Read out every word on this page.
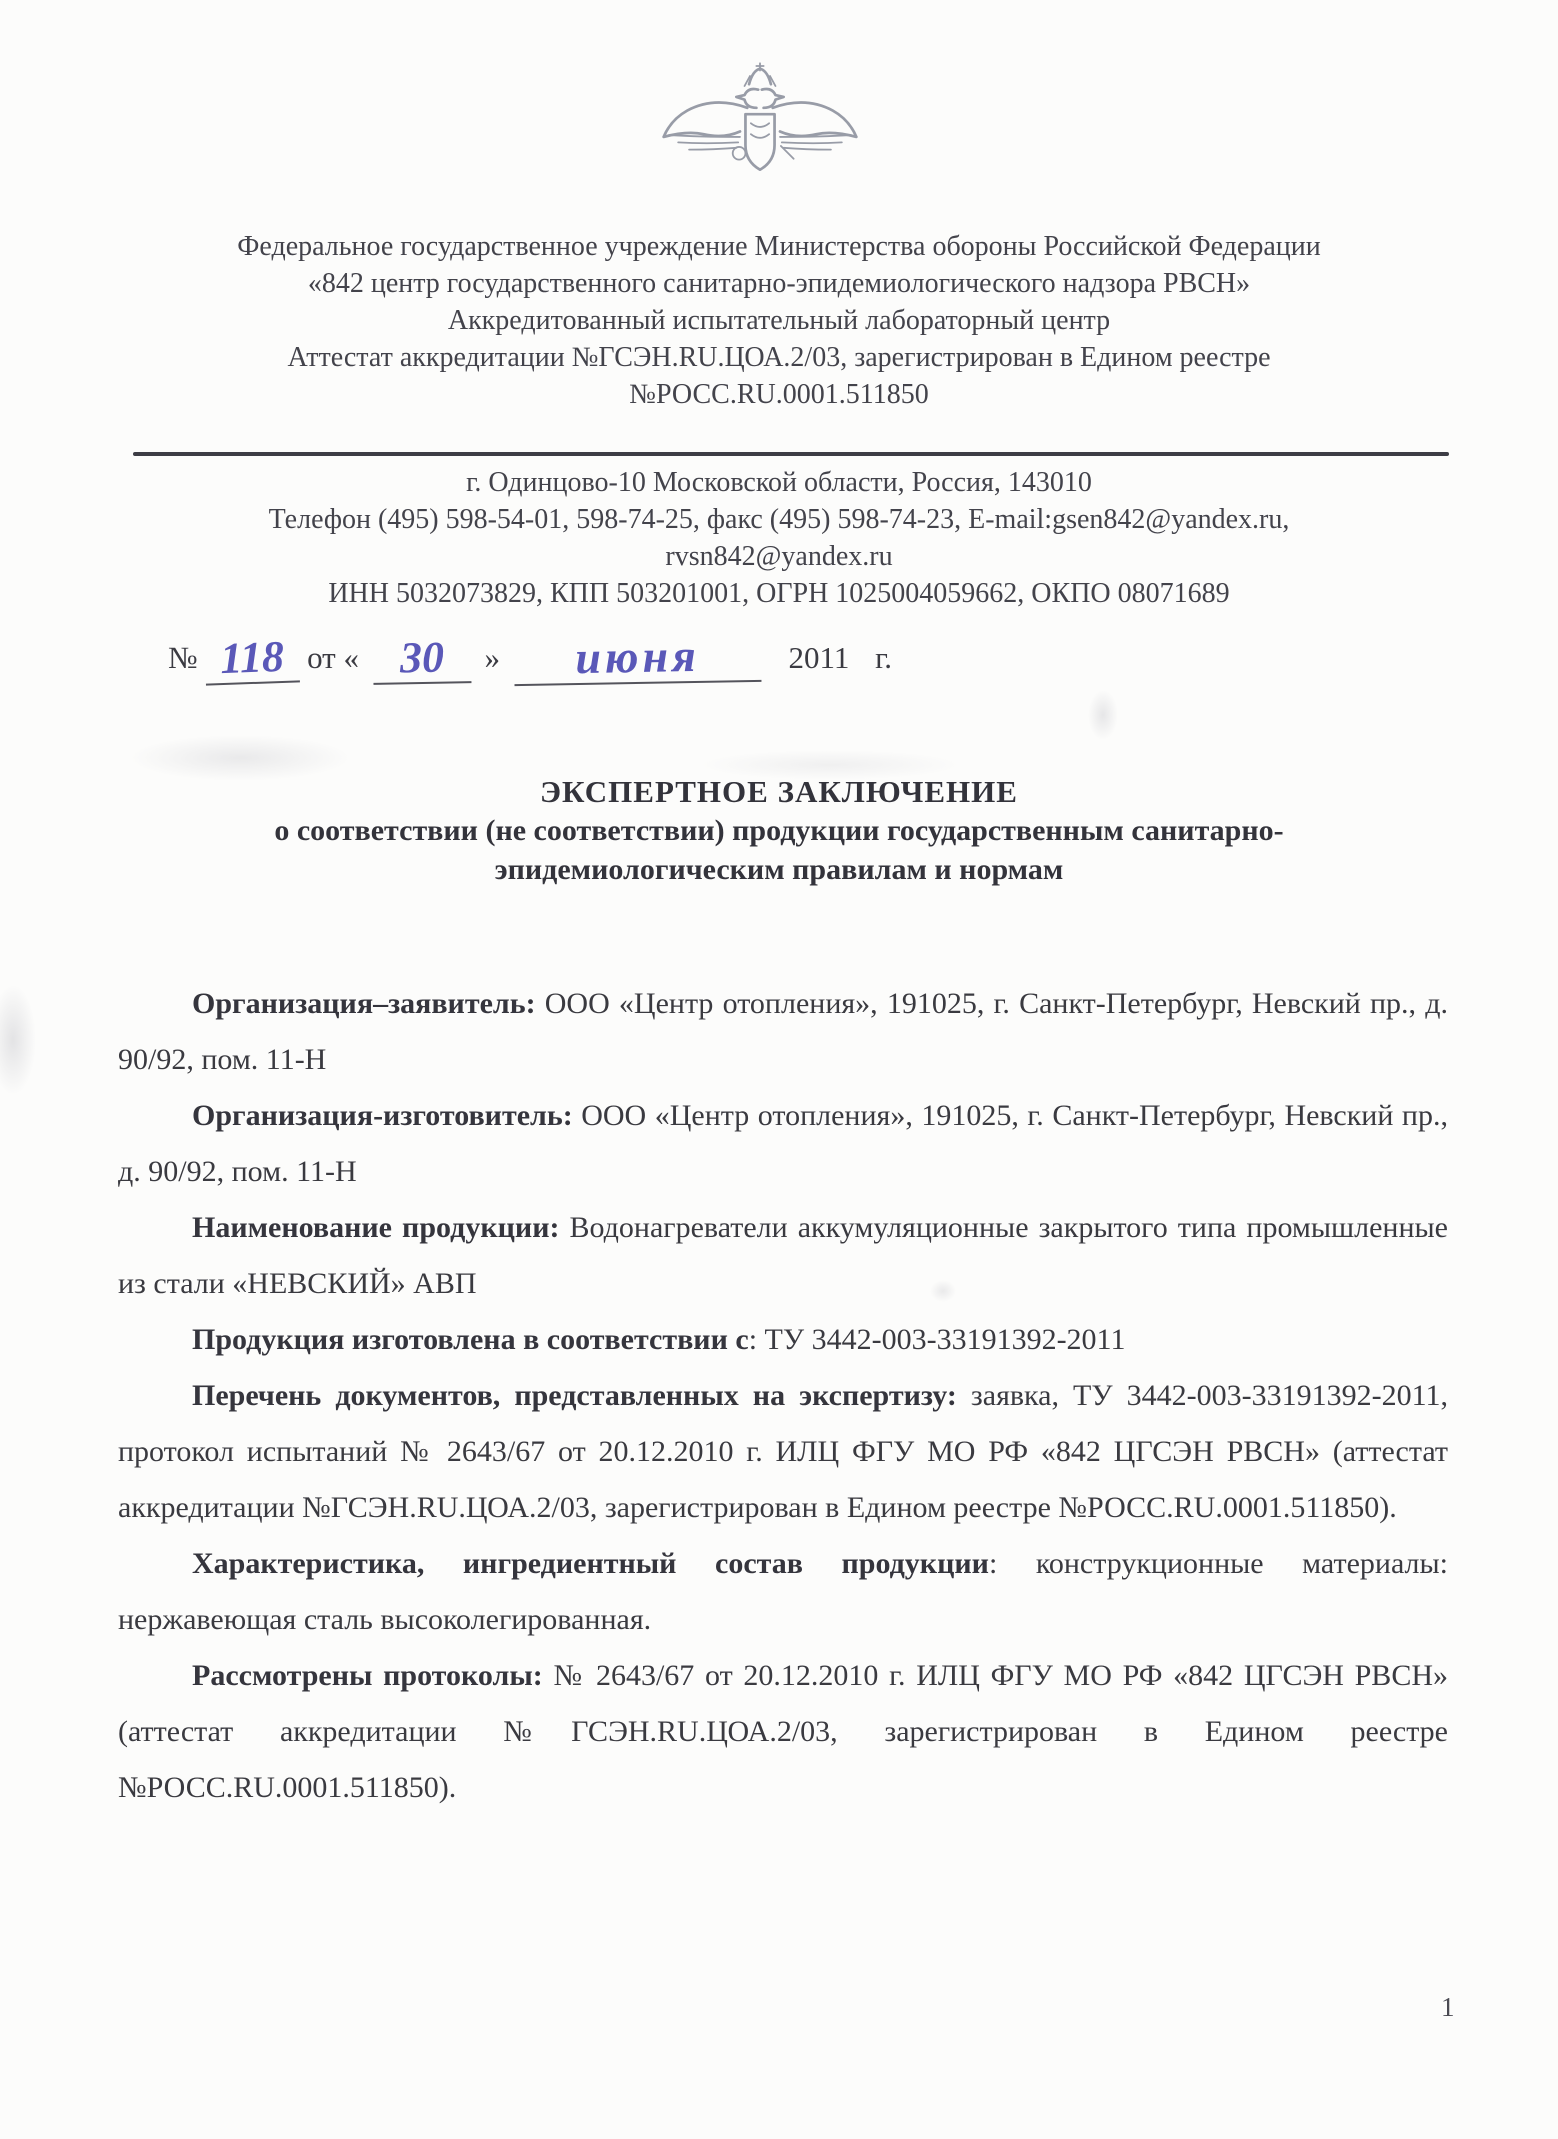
Федеральное государственное учреждение Министерства обороны Российской Федерации
«842 центр государственного санитарно-эпидемиологического надзора РВСН»
Аккредитованный испытательный лабораторный центр
Аттестат аккредитации №ГСЭН.RU.ЦОА.2/03, зарегистрирован в Едином реестре
№РОСС.RU.0001.511850
г. Одинцово-10 Московской области, Россия, 143010
Телефон (495) 598-54-01, 598-74-25, факс (495) 598-74-23, E-mail:gsen842@yandex.ru,
rvsn842@yandex.ru
ИНН 5032073829, КПП 503201001, ОГРН 1025004059662, ОКПО 08071689
№ 118 от « 30 » июня	2011 г.
ЭКСПЕРТНОЕ ЗАКЛЮЧЕНИЕ
о соответствии (не соответствии) продукции государственным санитарно-
эпидемиологическим правилам и нормам

Организация–заявитель: ООО «Центр отопления», 191025, г. Санкт-Петербург, Невский пр., д. 90/92, пом. 11-Н

Организация-изготовитель: ООО «Центр отопления», 191025, г. Санкт-Петербург, Невский пр., д. 90/92, пом. 11-Н

Наименование продукции: Водонагреватели аккумуляционные закрытого типа промышленные из стали «НЕВСКИЙ» АВП

Продукция изготовлена в соответствии с: ТУ 3442-003-33191392-2011

Перечень документов, представленных на экспертизу: заявка, ТУ 3442-003-33191392-2011, протокол испытаний № 2643/67 от 20.12.2010 г. ИЛЦ ФГУ МО РФ «842 ЦГСЭН РВСН» (аттестат аккредитации №ГСЭН.RU.ЦОА.2/03, зарегистрирован в Едином реестре №РОСС.RU.0001.511850).

Характеристика, ингредиентный состав продукции: конструкционные материалы: нержавеющая сталь высоколегированная.

Рассмотрены протоколы: № 2643/67 от 20.12.2010 г. ИЛЦ ФГУ МО РФ «842 ЦГСЭН РВСН» (аттестат аккредитации №ГСЭН.RU.ЦОА.2/03, зарегистрирован в Едином реестре №РОСС.RU.0001.511850).

1
